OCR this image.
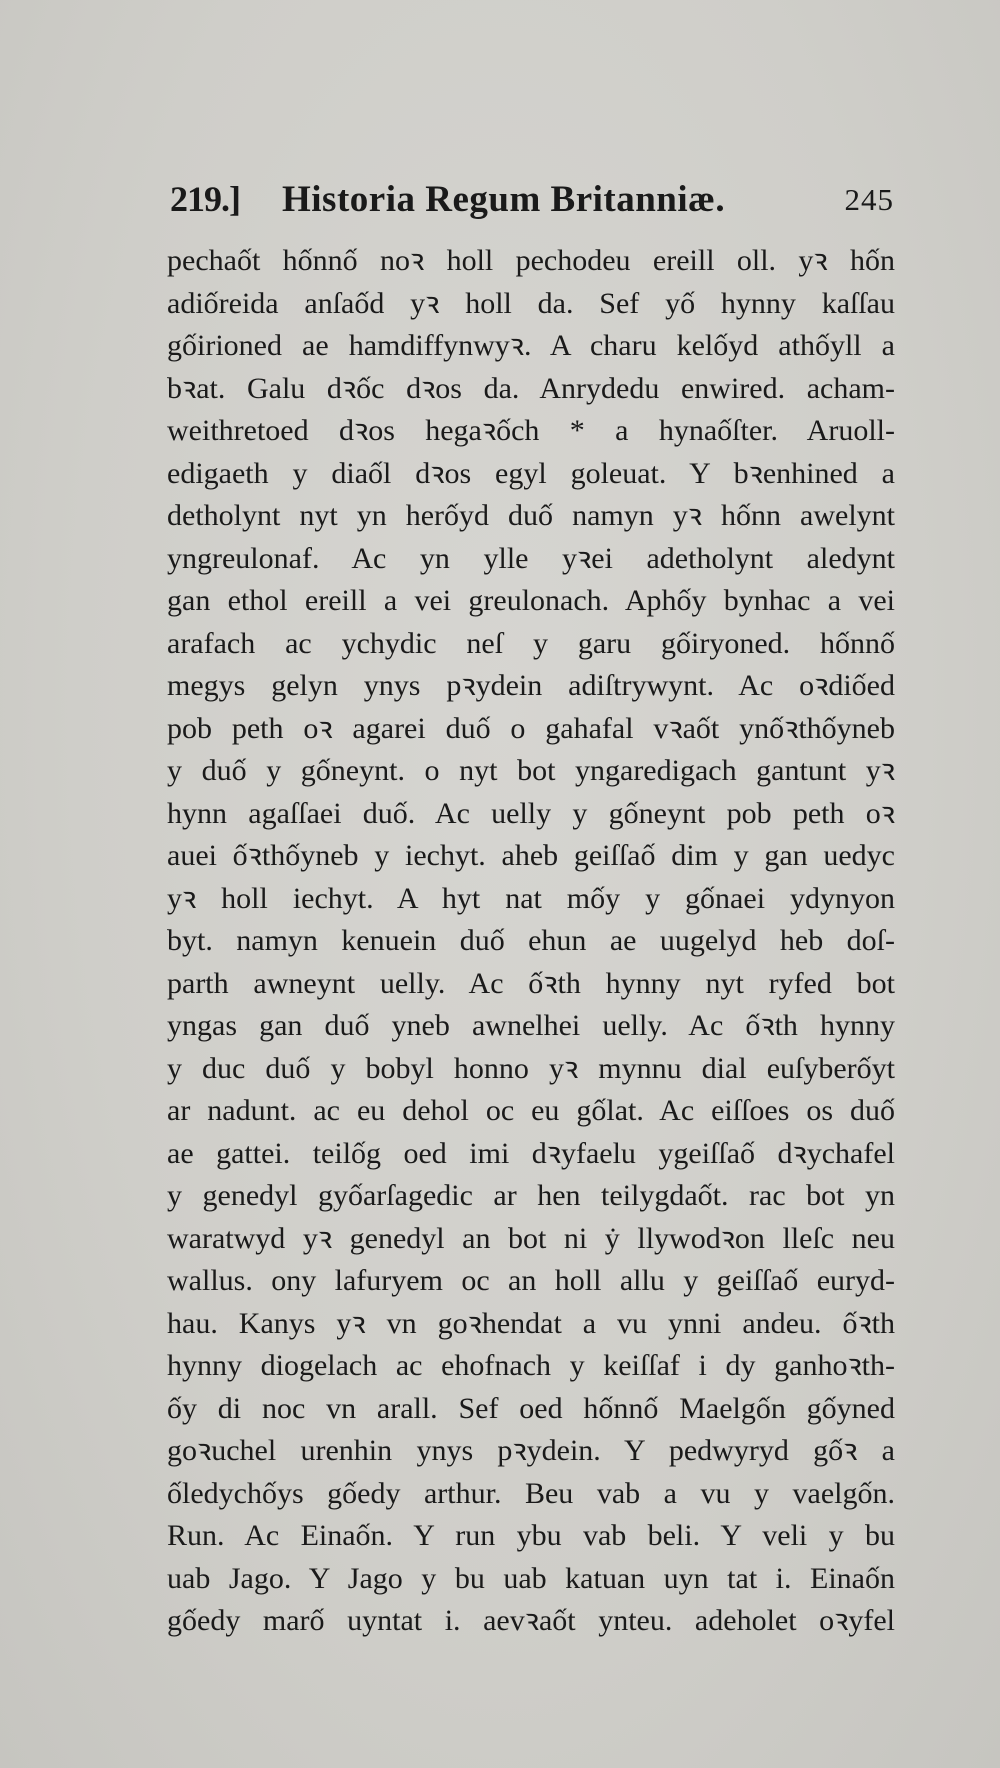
219.] Historia Regum Britanniæ.	245
pechaốt hốnnố noꝛ holl pechodeu ereill oll. yꝛ hốn
adiốreida anſaốd yꝛ holl da. Sef yố hynny kaſſau
gốirioned ae hamdiffynwyꝛ. A charu kelốyd athốyll a
bꝛat. Galu dꝛốc dꝛos da. Anrydedu enwired. acham-
weithretoed dꝛos hegaꝛốch * a hynaốſter. Aruoll-
edigaeth y diaốl dꝛos egyl goleuat. Y bꝛenhined a
detholynt nyt yn herốyd duố namyn yꝛ hốnn awelynt
yngreulonaf. Ac yn ylle yꝛei adetholynt aledynt
gan ethol ereill a vei greulonach. Aphốy bynhac a vei
arafach ac ychydic neſ y garu gốiryoned. hốnnố
megys gelyn ynys pꝛydein adiſtrywynt. Ac oꝛdiốed
pob peth oꝛ agarei duố o gahafal vꝛaốt ynốꝛthốyneb
y duố y gốneynt. o nyt bot yngaredigach gantunt yꝛ
hynn agaſſaei duố. Ac uelly y gốneynt pob peth oꝛ
auei ốꝛthốyneb y iechyt. aheb geiſſaố dim y gan uedyc
yꝛ holl iechyt. A hyt nat mốy y gốnaei ydynyon
byt. namyn kenuein duố ehun ae uugelyd heb doſ-
parth awneynt uelly. Ac ốꝛth hynny nyt ryfed bot
yngas gan duố yneb awnelhei uelly. Ac ốꝛth hynny
y duc duố y bobyl honno yꝛ mynnu dial euſyberốyt
ar nadunt. ac eu dehol oc eu gốlat. Ac eiſſoes os duố
ae gattei. teilốg oed imi dꝛyfaelu ygeiſſaố dꝛychafel
y genedyl gyốarſagedic ar hen teilygdaốt. rac bot yn
waratwyd yꝛ genedyl an bot ni ẏ llywodꝛon lleſc neu
wallus. ony lafuryem oc an holl allu y geiſſaố euryd-
hau. Kanys yꝛ vn goꝛhendat a vu ynni andeu. ốꝛth
hynny diogelach ac ehofnach y keiſſaf i dy ganhoꝛth-
ốy di noc vn arall. Sef oed hốnnố Maelgốn gốyned
goꝛuchel urenhin ynys pꝛydein. Y pedwyryd gốꝛ a
ốledychốys gốedy arthur. Beu vab a vu y vaelgốn.
Run. Ac Einaốn. Y run ybu vab beli. Y veli y bu
uab Jago. Y Jago y bu uab katuan uyn tat i. Einaốn
gốedy marố uyntat i. aevꝛaốt ynteu. adeholet oꝛyfel
